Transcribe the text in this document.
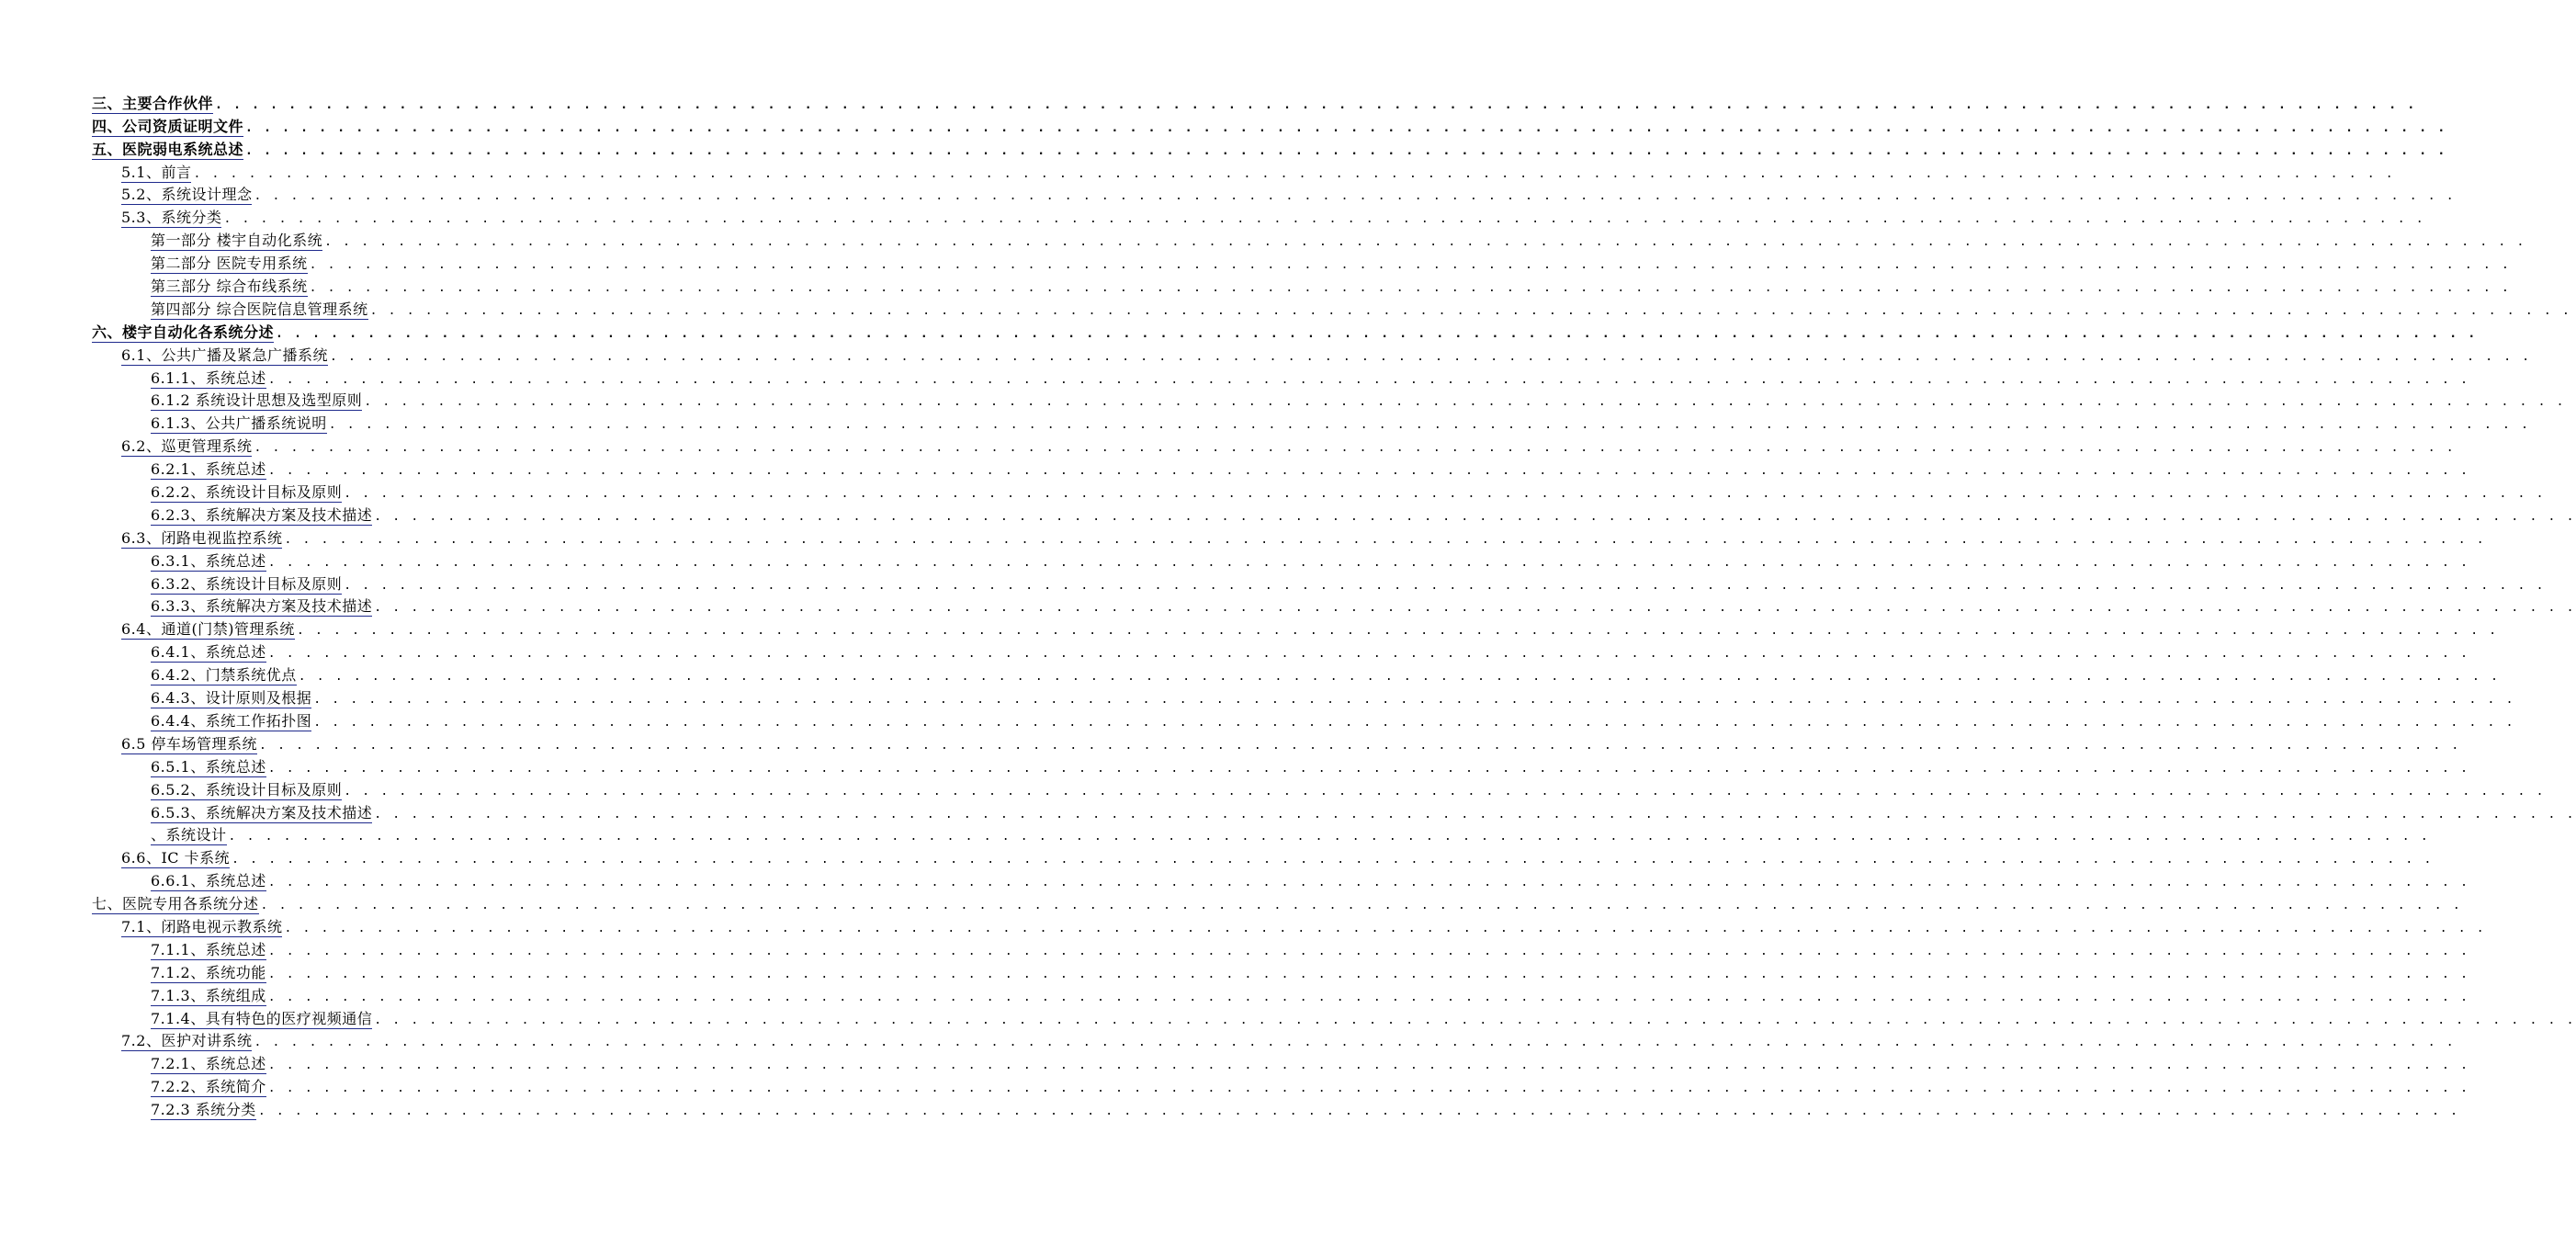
三、主要合作伙伴 . . . . . . . . . . . . . . . . . . . . . . . . . . . . . . . . . . . . . . . . . . . . . . . . . . . . . . . . . . . . . . . . . . . . . . . . . . . . . . . . . . . . . . . . . . . . . . . . . . . . . . . . . . . . . . . . . . . . . . . .
四、公司资质证明文件 . . . . . . . . . . . . . . . . . . . . . . . . . . . . . . . . . . . . . . . . . . . . . . . . . . . . . . . . . . . . . . . . . . . . . . . . . . . . . . . . . . . . . . . . . . . . . . . . . . . . . . . . . . . . . . . . . . . . . . . .
五、医院弱电系统总述 . . . . . . . . . . . . . . . . . . . . . . . . . . . . . . . . . . . . . . . . . . . . . . . . . . . . . . . . . . . . . . . . . . . . . . . . . . . . . . . . . . . . . . . . . . . . . . . . . . . . . . . . . . . . . . . . . . . . . . . .
5.1、前言 . . . . . . . . . . . . . . . . . . . . . . . . . . . . . . . . . . . . . . . . . . . . . . . . . . . . . . . . . . . . . . . . . . . . . . . . . . . . . . . . . . . . . . . . . . . . . . . . . . . . . . . . . . . . . . . . . . . . . . . .
5.2、系统设计理念 . . . . . . . . . . . . . . . . . . . . . . . . . . . . . . . . . . . . . . . . . . . . . . . . . . . . . . . . . . . . . . . . . . . . . . . . . . . . . . . . . . . . . . . . . . . . . . . . . . . . . . . . . . . . . . . . . . . . . . . .
5.3、系统分类 . . . . . . . . . . . . . . . . . . . . . . . . . . . . . . . . . . . . . . . . . . . . . . . . . . . . . . . . . . . . . . . . . . . . . . . . . . . . . . . . . . . . . . . . . . . . . . . . . . . . . . . . . . . . . . . . . . . . . . . .
第一部分 楼宇自动化系统 . . . . . . . . . . . . . . . . . . . . . . . . . . . . . . . . . . . . . . . . . . . . . . . . . . . . . . . . . . . . . . . . . . . . . . . . . . . . . . . . . . . . . . . . . . . . . . . . . . . . . . . . . . . . . . . . . . . . . . . .
第二部分 医院专用系统 . . . . . . . . . . . . . . . . . . . . . . . . . . . . . . . . . . . . . . . . . . . . . . . . . . . . . . . . . . . . . . . . . . . . . . . . . . . . . . . . . . . . . . . . . . . . . . . . . . . . . . . . . . . . . . . . . . . . . . . .
第三部分 综合布线系统 . . . . . . . . . . . . . . . . . . . . . . . . . . . . . . . . . . . . . . . . . . . . . . . . . . . . . . . . . . . . . . . . . . . . . . . . . . . . . . . . . . . . . . . . . . . . . . . . . . . . . . . . . . . . . . . . . . . . . . . .
第四部分 综合医院信息管理系统 . . . . . . . . . . . . . . . . . . . . . . . . . . . . . . . . . . . . . . . . . . . . . . . . . . . . . . . . . . . . . . . . . . . . . . . . . . . . . . . . . . . . . . . . . . . . . . . . . . . . . . . . . . . . . . . . . . . . . . . .
六、楼宇自动化各系统分述 . . . . . . . . . . . . . . . . . . . . . . . . . . . . . . . . . . . . . . . . . . . . . . . . . . . . . . . . . . . . . . . . . . . . . . . . . . . . . . . . . . . . . . . . . . . . . . . . . . . . . . . . . . . . . . . . . . . . . . . .
6.1、公共广播及紧急广播系统 . . . . . . . . . . . . . . . . . . . . . . . . . . . . . . . . . . . . . . . . . . . . . . . . . . . . . . . . . . . . . . . . . . . . . . . . . . . . . . . . . . . . . . . . . . . . . . . . . . . . . . . . . . . . . . . . . . . . . . . .
6.1.1、系统总述 . . . . . . . . . . . . . . . . . . . . . . . . . . . . . . . . . . . . . . . . . . . . . . . . . . . . . . . . . . . . . . . . . . . . . . . . . . . . . . . . . . . . . . . . . . . . . . . . . . . . . . . . . . . . . . . . . . . . . . . .
6.1.2 系统设计思想及选型原则 . . . . . . . . . . . . . . . . . . . . . . . . . . . . . . . . . . . . . . . . . . . . . . . . . . . . . . . . . . . . . . . . . . . . . . . . . . . . . . . . . . . . . . . . . . . . . . . . . . . . . . . . . . . . . . . . . . . . . . . .
6.1.3、公共广播系统说明 . . . . . . . . . . . . . . . . . . . . . . . . . . . . . . . . . . . . . . . . . . . . . . . . . . . . . . . . . . . . . . . . . . . . . . . . . . . . . . . . . . . . . . . . . . . . . . . . . . . . . . . . . . . . . . . . . . . . . . . .
6.2、巡更管理系统 . . . . . . . . . . . . . . . . . . . . . . . . . . . . . . . . . . . . . . . . . . . . . . . . . . . . . . . . . . . . . . . . . . . . . . . . . . . . . . . . . . . . . . . . . . . . . . . . . . . . . . . . . . . . . . . . . . . . . . . .
6.2.1、系统总述 . . . . . . . . . . . . . . . . . . . . . . . . . . . . . . . . . . . . . . . . . . . . . . . . . . . . . . . . . . . . . . . . . . . . . . . . . . . . . . . . . . . . . . . . . . . . . . . . . . . . . . . . . . . . . . . . . . . . . . . .
6.2.2、系统设计目标及原则 . . . . . . . . . . . . . . . . . . . . . . . . . . . . . . . . . . . . . . . . . . . . . . . . . . . . . . . . . . . . . . . . . . . . . . . . . . . . . . . . . . . . . . . . . . . . . . . . . . . . . . . . . . . . . . . . . . . . . . . .
6.2.3、系统解决方案及技术描述 . . . . . . . . . . . . . . . . . . . . . . . . . . . . . . . . . . . . . . . . . . . . . . . . . . . . . . . . . . . . . . . . . . . . . . . . . . . . . . . . . . . . . . . . . . . . . . . . . . . . . . . . . . . . . . . . . . . . . . . .
6.3、闭路电视监控系统 . . . . . . . . . . . . . . . . . . . . . . . . . . . . . . . . . . . . . . . . . . . . . . . . . . . . . . . . . . . . . . . . . . . . . . . . . . . . . . . . . . . . . . . . . . . . . . . . . . . . . . . . . . . . . . . . . . . . . . . .
6.3.1、系统总述 . . . . . . . . . . . . . . . . . . . . . . . . . . . . . . . . . . . . . . . . . . . . . . . . . . . . . . . . . . . . . . . . . . . . . . . . . . . . . . . . . . . . . . . . . . . . . . . . . . . . . . . . . . . . . . . . . . . . . . . .
6.3.2、系统设计目标及原则 . . . . . . . . . . . . . . . . . . . . . . . . . . . . . . . . . . . . . . . . . . . . . . . . . . . . . . . . . . . . . . . . . . . . . . . . . . . . . . . . . . . . . . . . . . . . . . . . . . . . . . . . . . . . . . . . . . . . . . . .
6.3.3、系统解决方案及技术描述 . . . . . . . . . . . . . . . . . . . . . . . . . . . . . . . . . . . . . . . . . . . . . . . . . . . . . . . . . . . . . . . . . . . . . . . . . . . . . . . . . . . . . . . . . . . . . . . . . . . . . . . . . . . . . . . . . . . . . . . .
6.4、通道(门禁)管理系统 . . . . . . . . . . . . . . . . . . . . . . . . . . . . . . . . . . . . . . . . . . . . . . . . . . . . . . . . . . . . . . . . . . . . . . . . . . . . . . . . . . . . . . . . . . . . . . . . . . . . . . . . . . . . . . . . . . . . . . . .
6.4.1、系统总述 . . . . . . . . . . . . . . . . . . . . . . . . . . . . . . . . . . . . . . . . . . . . . . . . . . . . . . . . . . . . . . . . . . . . . . . . . . . . . . . . . . . . . . . . . . . . . . . . . . . . . . . . . . . . . . . . . . . . . . . .
6.4.2、门禁系统优点 . . . . . . . . . . . . . . . . . . . . . . . . . . . . . . . . . . . . . . . . . . . . . . . . . . . . . . . . . . . . . . . . . . . . . . . . . . . . . . . . . . . . . . . . . . . . . . . . . . . . . . . . . . . . . . . . . . . . . . . .
6.4.3、设计原则及根据 . . . . . . . . . . . . . . . . . . . . . . . . . . . . . . . . . . . . . . . . . . . . . . . . . . . . . . . . . . . . . . . . . . . . . . . . . . . . . . . . . . . . . . . . . . . . . . . . . . . . . . . . . . . . . . . . . . . . . . . .
6.4.4、系统工作拓扑图 . . . . . . . . . . . . . . . . . . . . . . . . . . . . . . . . . . . . . . . . . . . . . . . . . . . . . . . . . . . . . . . . . . . . . . . . . . . . . . . . . . . . . . . . . . . . . . . . . . . . . . . . . . . . . . . . . . . . . . . .
6.5 停车场管理系统 . . . . . . . . . . . . . . . . . . . . . . . . . . . . . . . . . . . . . . . . . . . . . . . . . . . . . . . . . . . . . . . . . . . . . . . . . . . . . . . . . . . . . . . . . . . . . . . . . . . . . . . . . . . . . . . . . . . . . . . .
6.5.1、系统总述 . . . . . . . . . . . . . . . . . . . . . . . . . . . . . . . . . . . . . . . . . . . . . . . . . . . . . . . . . . . . . . . . . . . . . . . . . . . . . . . . . . . . . . . . . . . . . . . . . . . . . . . . . . . . . . . . . . . . . . . .
6.5.2、系统设计目标及原则 . . . . . . . . . . . . . . . . . . . . . . . . . . . . . . . . . . . . . . . . . . . . . . . . . . . . . . . . . . . . . . . . . . . . . . . . . . . . . . . . . . . . . . . . . . . . . . . . . . . . . . . . . . . . . . . . . . . . . . . .
6.5.3、系统解决方案及技术描述 . . . . . . . . . . . . . . . . . . . . . . . . . . . . . . . . . . . . . . . . . . . . . . . . . . . . . . . . . . . . . . . . . . . . . . . . . . . . . . . . . . . . . . . . . . . . . . . . . . . . . . . . . . . . . . . . . . . . . . . .
、系统设计 . . . . . . . . . . . . . . . . . . . . . . . . . . . . . . . . . . . . . . . . . . . . . . . . . . . . . . . . . . . . . . . . . . . . . . . . . . . . . . . . . . . . . . . . . . . . . . . . . . . . . . . . . . . . . . . . . . . . . . . .
6.6、IC 卡系统 . . . . . . . . . . . . . . . . . . . . . . . . . . . . . . . . . . . . . . . . . . . . . . . . . . . . . . . . . . . . . . . . . . . . . . . . . . . . . . . . . . . . . . . . . . . . . . . . . . . . . . . . . . . . . . . . . . . . . . . .
6.6.1、系统总述 . . . . . . . . . . . . . . . . . . . . . . . . . . . . . . . . . . . . . . . . . . . . . . . . . . . . . . . . . . . . . . . . . . . . . . . . . . . . . . . . . . . . . . . . . . . . . . . . . . . . . . . . . . . . . . . . . . . . . . . .
七、医院专用各系统分述 . . . . . . . . . . . . . . . . . . . . . . . . . . . . . . . . . . . . . . . . . . . . . . . . . . . . . . . . . . . . . . . . . . . . . . . . . . . . . . . . . . . . . . . . . . . . . . . . . . . . . . . . . . . . . . . . . . . . . . . .
7.1、闭路电视示教系统 . . . . . . . . . . . . . . . . . . . . . . . . . . . . . . . . . . . . . . . . . . . . . . . . . . . . . . . . . . . . . . . . . . . . . . . . . . . . . . . . . . . . . . . . . . . . . . . . . . . . . . . . . . . . . . . . . . . . . . . .
7.1.1、系统总述 . . . . . . . . . . . . . . . . . . . . . . . . . . . . . . . . . . . . . . . . . . . . . . . . . . . . . . . . . . . . . . . . . . . . . . . . . . . . . . . . . . . . . . . . . . . . . . . . . . . . . . . . . . . . . . . . . . . . . . . .
7.1.2、系统功能 . . . . . . . . . . . . . . . . . . . . . . . . . . . . . . . . . . . . . . . . . . . . . . . . . . . . . . . . . . . . . . . . . . . . . . . . . . . . . . . . . . . . . . . . . . . . . . . . . . . . . . . . . . . . . . . . . . . . . . . .
7.1.3、系统组成 . . . . . . . . . . . . . . . . . . . . . . . . . . . . . . . . . . . . . . . . . . . . . . . . . . . . . . . . . . . . . . . . . . . . . . . . . . . . . . . . . . . . . . . . . . . . . . . . . . . . . . . . . . . . . . . . . . . . . . . .
7.1.4、具有特色的医疗视频通信 . . . . . . . . . . . . . . . . . . . . . . . . . . . . . . . . . . . . . . . . . . . . . . . . . . . . . . . . . . . . . . . . . . . . . . . . . . . . . . . . . . . . . . . . . . . . . . . . . . . . . . . . . . . . . . . . . . . . . . . .
7.2、医护对讲系统 . . . . . . . . . . . . . . . . . . . . . . . . . . . . . . . . . . . . . . . . . . . . . . . . . . . . . . . . . . . . . . . . . . . . . . . . . . . . . . . . . . . . . . . . . . . . . . . . . . . . . . . . . . . . . . . . . . . . . . . .
7.2.1、系统总述 . . . . . . . . . . . . . . . . . . . . . . . . . . . . . . . . . . . . . . . . . . . . . . . . . . . . . . . . . . . . . . . . . . . . . . . . . . . . . . . . . . . . . . . . . . . . . . . . . . . . . . . . . . . . . . . . . . . . . . . .
7.2.2、系统简介 . . . . . . . . . . . . . . . . . . . . . . . . . . . . . . . . . . . . . . . . . . . . . . . . . . . . . . . . . . . . . . . . . . . . . . . . . . . . . . . . . . . . . . . . . . . . . . . . . . . . . . . . . . . . . . . . . . . . . . . .
7.2.3 系统分类 . . . . . . . . . . . . . . . . . . . . . . . . . . . . . . . . . . . . . . . . . . . . . . . . . . . . . . . . . . . . . . . . . . . . . . . . . . . . . . . . . . . . . . . . . . . . . . . . . . . . . . . . . . . . . . . . . . . . . . . .
